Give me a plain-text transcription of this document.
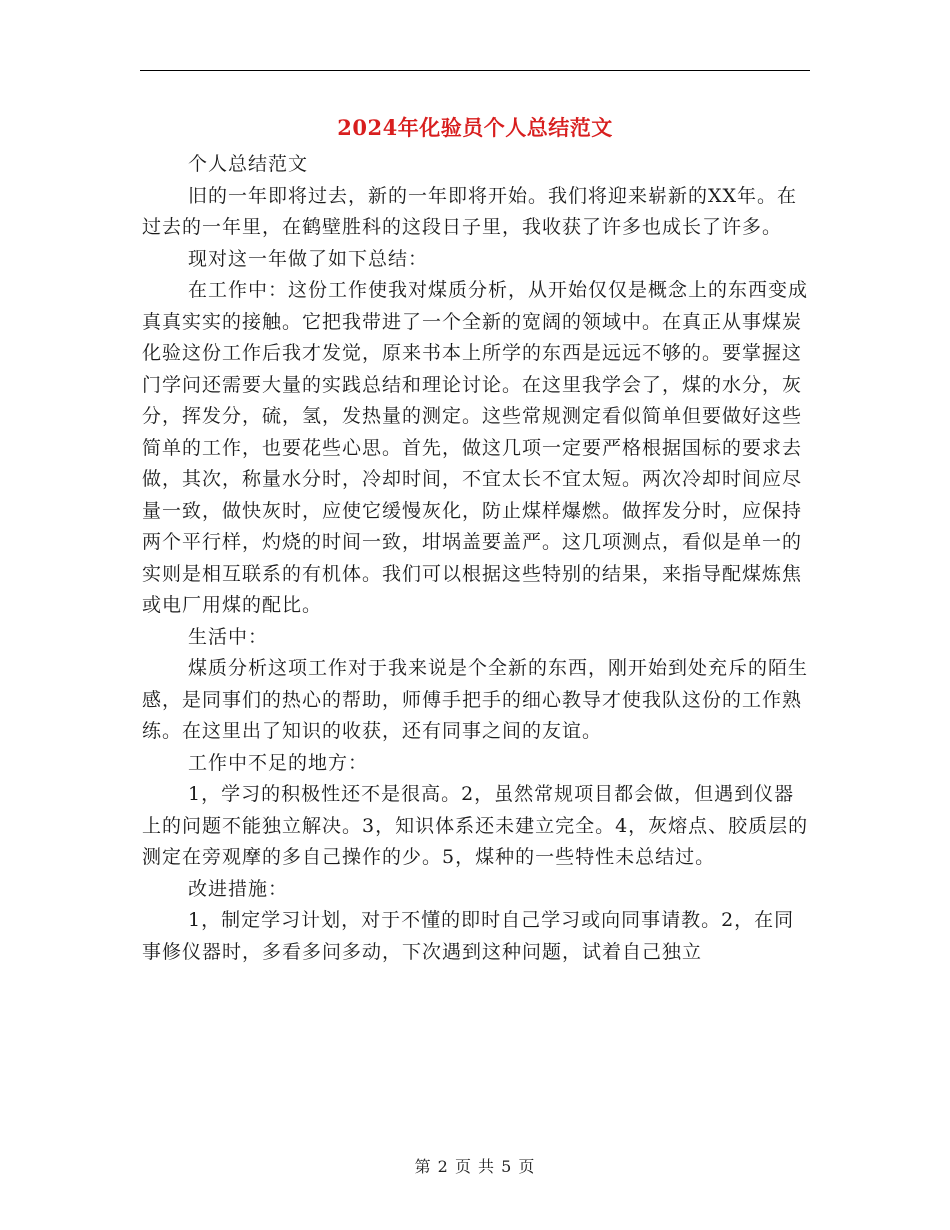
2024年化验员个人总结范文

个人总结范文

旧的一年即将过去，新的一年即将开始。我们将迎来崭新的XX年。在过去的一年里，在鹤壁胜科的这段日子里，我收获了许多也成长了许多。

现对这一年做了如下总结：

在工作中：这份工作使我对煤质分析，从开始仅仅是概念上的东西变成真真实实的接触。它把我带进了一个全新的宽阔的领域中。在真正从事煤炭化验这份工作后我才发觉，原来书本上所学的东西是远远不够的。要掌握这门学问还需要大量的实践总结和理论讨论。在这里我学会了，煤的水分，灰分，挥发分，硫，氢，发热量的测定。这些常规测定看似简单但要做好这些简单的工作，也要花些心思。首先，做这几项一定要严格根据国标的要求去做，其次，称量水分时，冷却时间，不宜太长不宜太短。两次冷却时间应尽量一致，做快灰时，应使它缓慢灰化，防止煤样爆燃。做挥发分时，应保持两个平行样，灼烧的时间一致，坩埚盖要盖严。这几项测点，看似是单一的实则是相互联系的有机体。我们可以根据这些特别的结果，来指导配煤炼焦或电厂用煤的配比。

生活中：

煤质分析这项工作对于我来说是个全新的东西，刚开始到处充斥的陌生感，是同事们的热心的帮助，师傅手把手的细心教导才使我队这份的工作熟练。在这里出了知识的收获，还有同事之间的友谊。

工作中不足的地方：

1，学习的积极性还不是很高。2，虽然常规项目都会做，但遇到仪器上的问题不能独立解决。3，知识体系还未建立完全。4，灰熔点、胶质层的测定在旁观摩的多自己操作的少。5，煤种的一些特性未总结过。

改进措施：

1，制定学习计划，对于不懂的即时自己学习或向同事请教。2，在同事修仪器时，多看多问多动，下次遇到这种问题，试着自己独立

第 2 页 共 5 页
